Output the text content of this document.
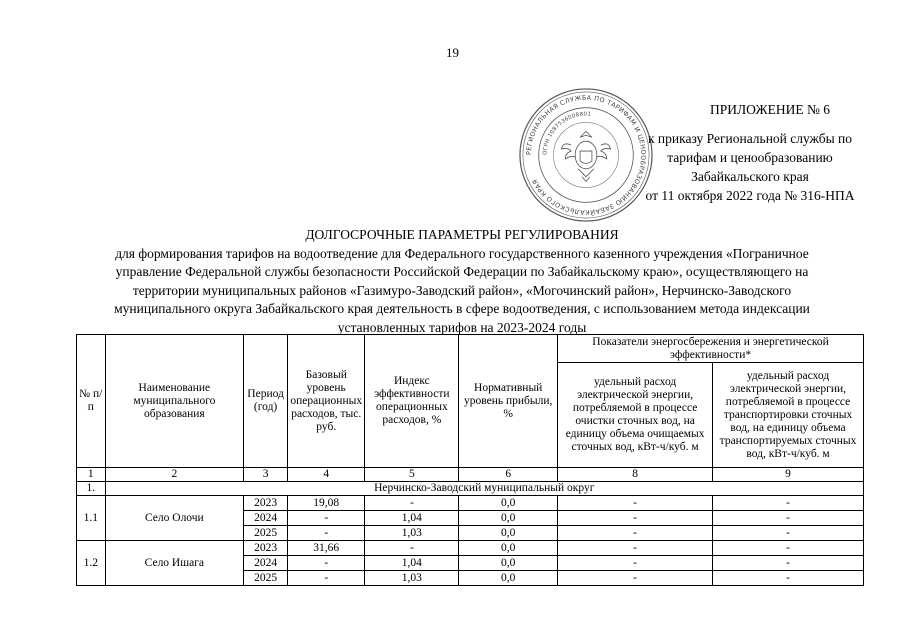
19
РЕГИОНАЛЬНАЯ СЛУЖБА ПО ТАРИФАМ И ЦЕНООБРАЗОВАНИЮ ЗАБАЙКАЛЬСКОГО КРАЯ
ОГРН 1087536008801	ПРИЛОЖЕНИЕ № 6
к приказу Региональной службы по
тарифам и ценообразованию
Забайкальского края
от 11 октября 2022 года № 316-НПА
ДОЛГОСРОЧНЫЕ ПАРАМЕТРЫ РЕГУЛИРОВАНИЯ
для формирования тарифов на водоотведение для Федерального государственного казенного учреждения «Пограничное
управление Федеральной службы безопасности Российской Федерации по Забайкальскому краю», осуществляющего на
территории муниципальных районов «Газимуро-Заводский район», «Могочинский район», Нерчинско-Заводского
муниципального округа Забайкальского края деятельность в сфере водоотведения, с использованием метода индексации
установленных тарифов на 2023-2024 годы
№ п/п	Наименование муниципального образования	Период (год)	Базовый уровень операционных расходов, тыс. руб.	Индекс эффективности операционных расходов, %	Нормативный уровень прибыли, %	Показатели энергосбережения и энергетической эффективности*	
						удельный расход электрической энергии, потребляемой в процессе очистки сточных вод, на единицу объема очищаемых сточных вод, кВт-ч/куб. м	удельный расход электрической энергии, потребляемой в процессе транспортировки сточных вод, на единицу объема транспортируемых сточных вод, кВт-ч/куб. м
1	2	3	4	5	6	8	9
1.	Нерчинско-Заводский муниципальный округ						
1.1	Село Олочи	2023	19,08	-	0,0	-	-
		2024	-	1,04	0,0	-	-
		2025	-	1,03	0,0	-	-
1.2	Село Ишага	2023	31,66	-	0,0	-	-
		2024	-	1,04	0,0	-	-
		2025	-	1,03	0,0	-	-
